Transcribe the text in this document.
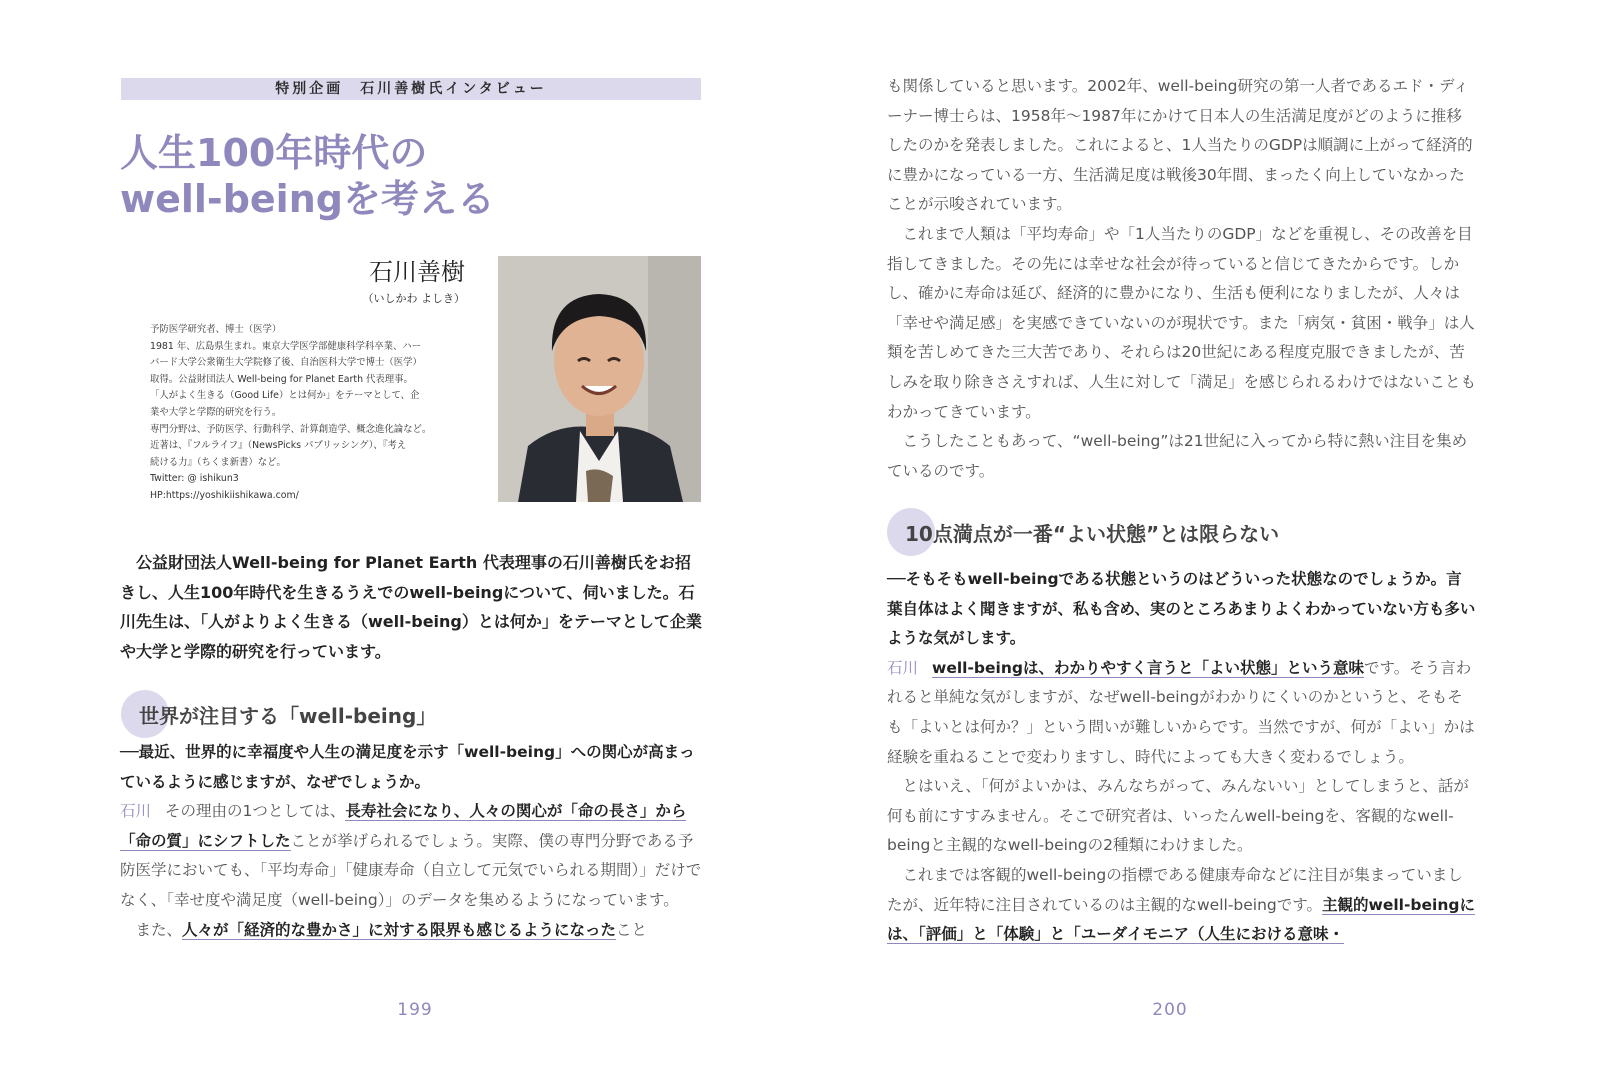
特別企画　石川善樹氏インタビュー
人生100年時代の
well-beingを考える
石川善樹
（いしかわ よしき）
予防医学研究者、博士（医学）
1981 年、広島県生まれ。東京大学医学部健康科学科卒業、ハー
バード大学公衆衛生大学院修了後、自治医科大学で博士（医学）
取得。公益財団法人 Well-being for Planet Earth 代表理事。
「人がよく生きる（Good Life）とは何か」をテーマとして、企
業や大学と学際的研究を行う。
専門分野は、予防医学、行動科学、計算創造学、概念進化論など。
近著は、『フルライフ』（NewsPicks パブリッシング）、『考え
続ける力』（ちくま新書）など。
Twitter: @ ishikun3
HP:https://yoshikiishikawa.com/
公益財団法人Well-being for Planet Earth 代表理事の石川善樹氏をお招きし、人生100年時代を生きるうえでのwell-beingについて、伺いました。石川先生は、「人がよりよく生きる（well-being）とは何か」をテーマとして企業や大学と学際的研究を行っています。
世界が注目する「well-being」

──最近、世界的に幸福度や人生の満足度を示す「well-being」への関心が高まっているように感じますが、なぜでしょうか。

石川 その理由の1つとしては、長寿社会になり、人々の関心が「命の長さ」から「命の質」にシフトしたことが挙げられるでしょう。実際、僕の専門分野である予防医学においても、「平均寿命」「健康寿命（自立して元気でいられる期間）」だけでなく、「幸せ度や満足度（well-being）」のデータを集めるようになっています。

また、人々が「経済的な豊かさ」に対する限界も感じるようになったこと

199

も関係していると思います。2002年、well-being研究の第一人者であるエド・ディーナー博士らは、1958年～1987年にかけて日本人の生活満足度がどのように推移したのかを発表しました。これによると、1人当たりのGDPは順調に上がって経済的に豊かになっている一方、生活満足度は戦後30年間、まったく向上していなかったことが示唆されています。

これまで人類は「平均寿命」や「1人当たりのGDP」などを重視し、その改善を目指してきました。その先には幸せな社会が待っていると信じてきたからです。しかし、確かに寿命は延び、経済的に豊かになり、生活も便利になりましたが、人々は「幸せや満足感」を実感できていないのが現状です。また「病気・貧困・戦争」は人類を苦しめてきた三大苦であり、それらは20世紀にある程度克服できましたが、苦しみを取り除きさえすれば、人生に対して「満足」を感じられるわけではないこともわかってきています。

こうしたこともあって、“well-being”は21世紀に入ってから特に熱い注目を集めているのです。

10点満点が一番“よい状態”とは限らない

──そもそもwell-beingである状態というのはどういった状態なのでしょうか。言葉自体はよく聞きますが、私も含め、実のところあまりよくわかっていない方も多いような気がします。

石川 well-beingは、わかりやすく言うと「よい状態」という意味です。そう言われると単純な気がしますが、なぜwell-beingがわかりにくいのかというと、そもそも「よいとは何か？」という問いが難しいからです。当然ですが、何が「よい」かは経験を重ねることで変わりますし、時代によっても大きく変わるでしょう。

とはいえ、「何がよいかは、みんなちがって、みんないい」としてしまうと、話が何も前にすすみません。そこで研究者は、いったんwell-beingを、客観的なwell-beingと主観的なwell-beingの2種類にわけました。

これまでは客観的well-beingの指標である健康寿命などに注目が集まっていましたが、近年特に注目されているのは主観的なwell-beingです。主観的well-beingには、「評価」と「体験」と「ユーダイモニア（人生における意味・

200
